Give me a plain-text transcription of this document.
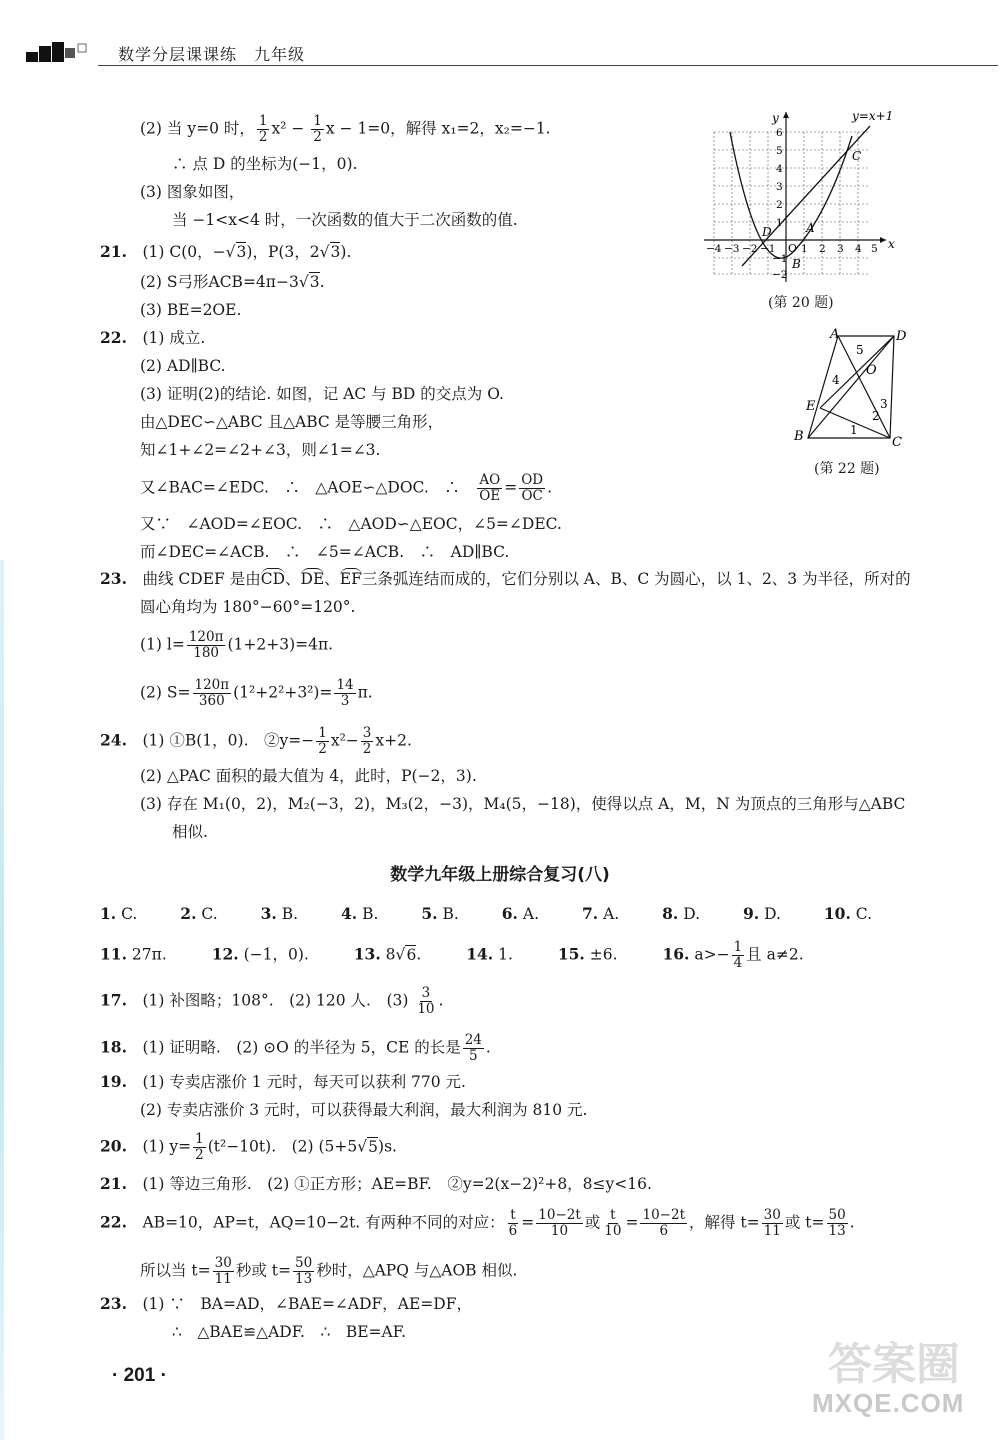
数学分层课课练　九年级
(2) 当 y=0 时， $\frac{1}{2} x^2 - \frac{1}{2}$ x − 1=0，解得 x₁=2，x₂=−1.
∴ 点 D 的坐标为(−1，0).
(3) 图象如图，
当 −1<x<4 时，一次函数的值大于二次函数的值.
21.　 (1) C(0，−√3)，P(3，2√3).
(2) S弓形ACB=4π−3√3.
(3) BE=2OE.
22.　 (1) 成立.
(2) AD∥BC.
(3) 证明(2)的结论. 如图，记 AC 与 BD 的交点为 O.
由△DEC∽△ABC 且△ABC 是等腰三角形，
知∠1+∠2=∠2+∠3，则∠1=∠3.
又∠BAC=∠EDC.　∴　△AOE∽△DOC.　∴　 $\frac{AO}{OE} = \frac{OD}{OC}$ .
又∵　∠AOD=∠EOC.　∴　△AOD∽△EOC，∠5=∠DEC.
而∠DEC=∠ACB.　∴　∠5=∠ACB.　∴　AD∥BC.
23.　 曲线 CDEF 是由CD、DE、EF三条弧连结而成的，它们分别以 A、B、C 为圆心，以 1、2、3 为半径，所对的
圆心角均为 180°−60°=120°.
(1) $l= \frac{120\pi}{180} (1+2+3)=4\pi$.
(2) $S= \frac{120\pi}{360} (1^2+2^2+3^2)= \frac{14}{3} \pi$.
24.　 (1) ①B(1，0).　②y=− $\frac{1}{2} x^2- \frac{3}{2} x+2$.
(2) △PAC 面积的最大值为 4，此时，P(−2，3).
(3) 存在 M₁(0，2)，M₂(−3，2)，M₃(2，−3)，M₄(5，−18)，使得以点 A，M，N 为顶点的三角形与△ABC
相似.
数学九年级上册综合复习(八)
1. C.	2. C.	3. B.	4. B.	5. B.	6. A.	7. A.	8. D.	9. D.	10. C.
11. 27π.	12. (−1，0).	13. 8√6.	14. 1.	15. ±6.	16. $a>- \frac{1}{4}$ 且 a≠2.
17.　 (1) 补图略；108°.　(2) 120 人.　$(3) \frac{3}{10}$ .
18.　 (1) 证明略.　(2) ⊙O 的半径为 5，CE 的长是 $\frac{24}{5}$ .
19.　 (1) 专卖店涨价 1 元时，每天可以获利 770 元.
(2) 专卖店涨价 3 元时，可以获得最大利润，最大利润为 810 元.
20.　 (1) $y= \frac{1}{2} (t^2-10t)$.　(2) (5+5√5)s.
21.　 (1) 等边三角形.　(2) ①正方形；AE=BF.　②y=2(x−2)²+8，8≤y<16.
22.　 AB=10，AP=t，AQ=10−2t. 有两种不同的对应： $\frac{t}{6} = \frac{10-2t}{10}$ 或 $\frac{t}{10} = \frac{10-2t}{6}$ ，解得 $t= \frac{30}{11}$ 或 $t= \frac{50}{13}$ .
所以当 $t= \frac{30}{11}$ 秒或 $t= \frac{50}{13}$ 秒时，△APQ 与△AOB 相似.
23.　 (1) ∵　BA=AD，∠BAE=∠ADF，AE=DF，
∴　△BAE≌△ADF.　∴　BE=AF.
y=x+1
x
y
C
D
O
A
B
−4 −3 −2 −1 1 2 3 4 5
6
5
4
3
2
1
−1
−2
(第 20 题)
A	D
B	C
E
O
5
4
3
2
1
(第 22 题)
· 201 ·	答案圈
MXQE.COM
